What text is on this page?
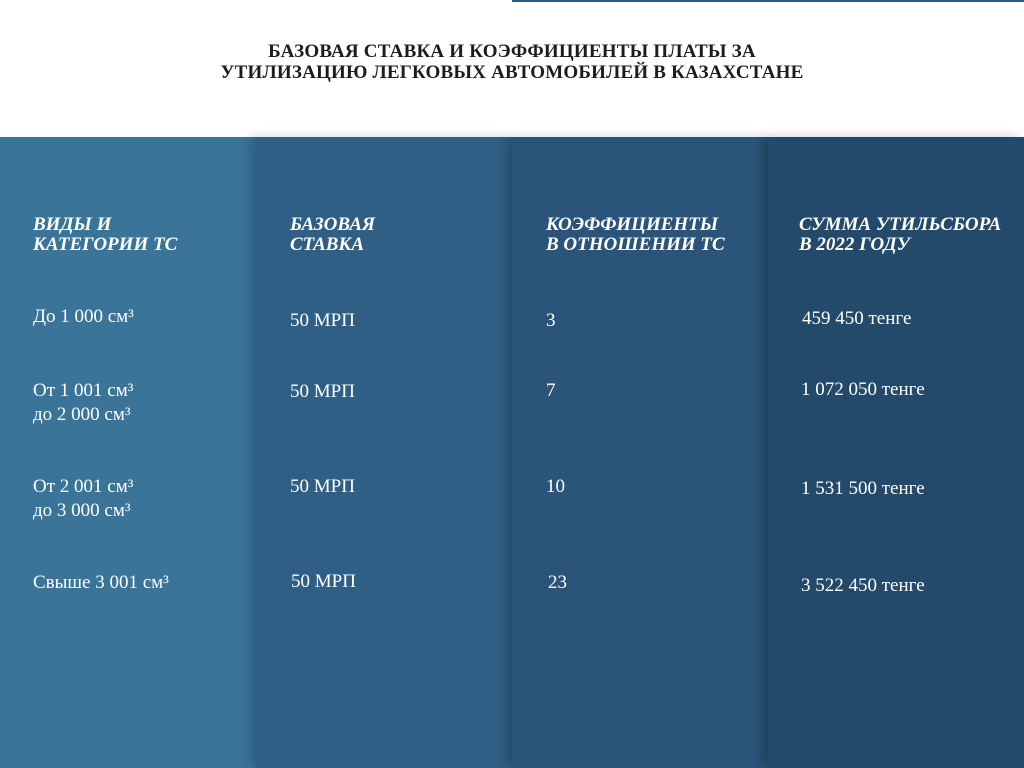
БАЗОВАЯ СТАВКА И КОЭФФИЦИЕНТЫ ПЛАТЫ ЗА
УТИЛИЗАЦИЮ ЛЕГКОВЫХ АВТОМОБИЛЕЙ В КАЗАХСТАНЕ
ВИДЫ И
КАТЕГОРИИ ТС
До 1 000 см³
От 1 001 см³
до 2 000 см³
От 2 001 см³
до 3 000 см³
Свыше 3 001 см³
БАЗОВАЯ
СТАВКА
50 МРП
50 МРП
50 МРП
50 МРП
КОЭФФИЦИЕНТЫ
В ОТНОШЕНИИ ТС
3
7
10
23
СУММА УТИЛЬСБОРА
В 2022 ГОДУ
459 450 тенге
1 072 050 тенге
1 531 500 тенге
3 522 450 тенге
